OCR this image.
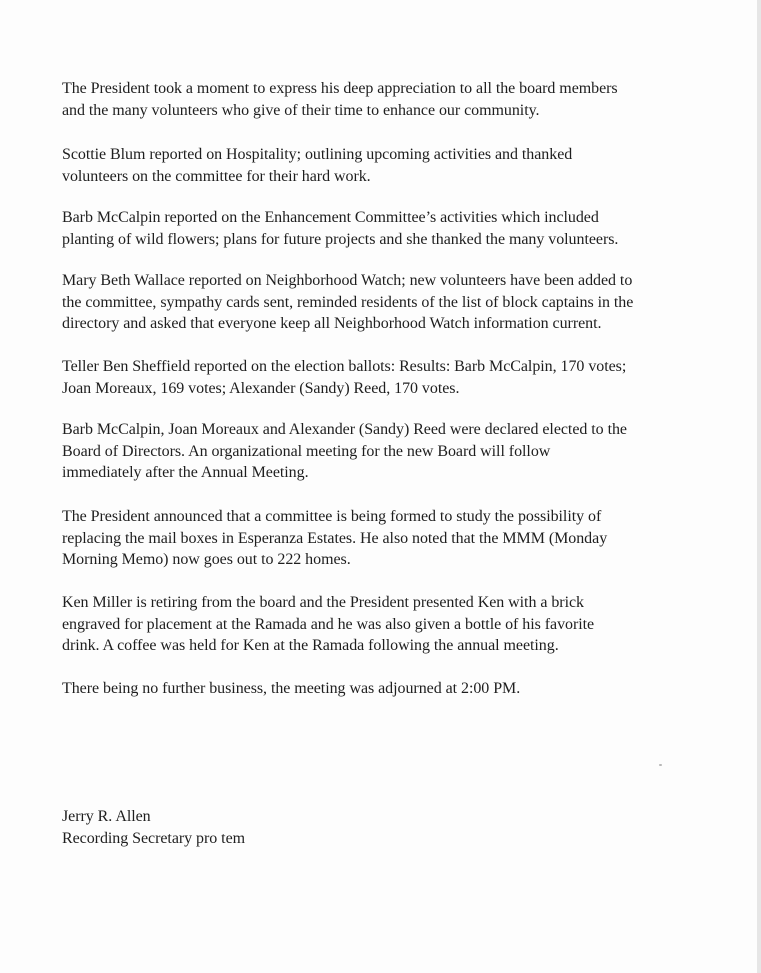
The President took a moment to express his deep appreciation to all the board members
and the many volunteers who give of their time to enhance our community.

Scottie Blum reported on Hospitality; outlining upcoming activities and thanked
volunteers on the committee for their hard work.

Barb McCalpin reported on the Enhancement Committee’s activities which included
planting of wild flowers; plans for future projects and she thanked the many volunteers.

Mary Beth Wallace reported on Neighborhood Watch; new volunteers have been added to
the committee, sympathy cards sent, reminded residents of the list of block captains in the
directory and asked that everyone keep all Neighborhood Watch information current.

Teller Ben Sheffield reported on the election ballots: Results: Barb McCalpin, 170 votes;
Joan Moreaux, 169 votes; Alexander (Sandy) Reed, 170 votes.

Barb McCalpin, Joan Moreaux and Alexander (Sandy) Reed were declared elected to the
Board of Directors. An organizational meeting for the new Board will follow
immediately after the Annual Meeting.

The President announced that a committee is being formed to study the possibility of
replacing the mail boxes in Esperanza Estates. He also noted that the MMM (Monday
Morning Memo) now goes out to 222 homes.

Ken Miller is retiring from the board and the President presented Ken with a brick
engraved for placement at the Ramada and he was also given a bottle of his favorite
drink. A coffee was held for Ken at the Ramada following the annual meeting.

There being no further business, the meeting was adjourned at 2:00 PM.

Jerry R. Allen

Recording Secretary pro tem
